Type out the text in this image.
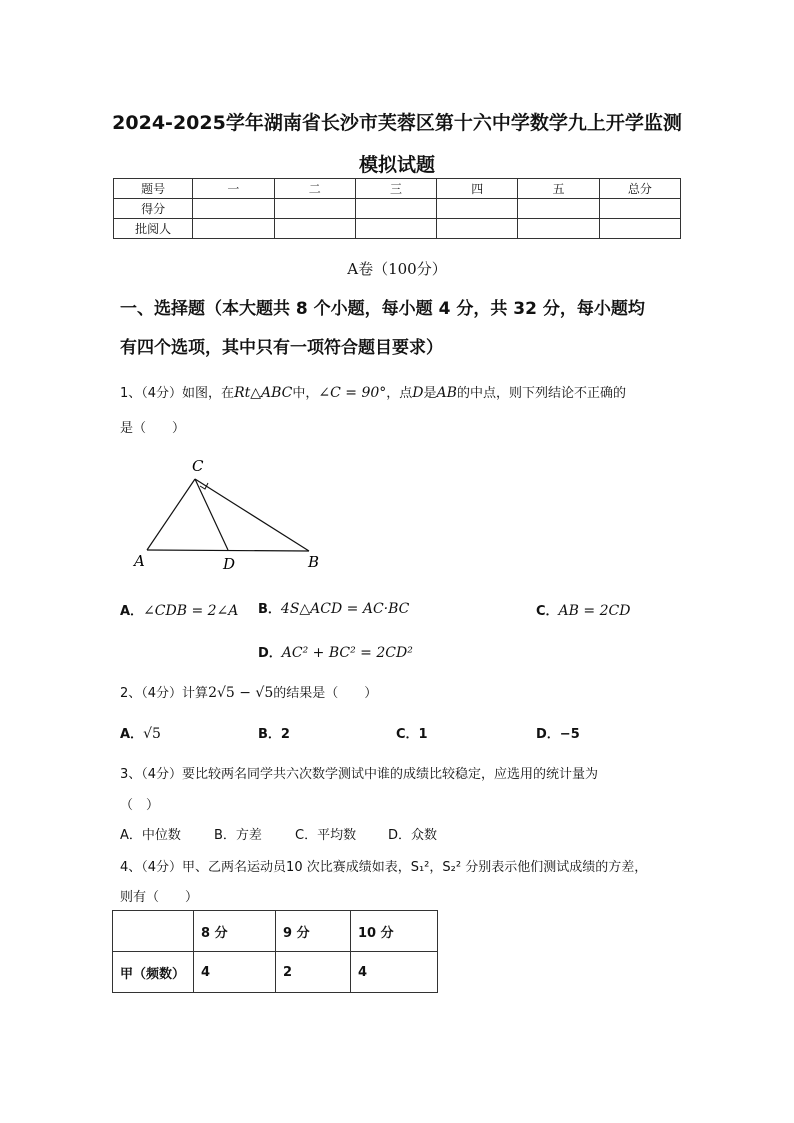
2024-2025学年湖南省长沙市芙蓉区第十六中学数学九上开学监测
模拟试题
题号	一	二	三	四	五	总分
得分						
批阅人						
A卷（100分）
一、选择题（本大题共 8 个小题，每小题 4 分，共 32 分，每小题均
有四个选项，其中只有一项符合题目要求）
1、（4分）如图，在Rt△ABC中，∠C = 90°，点D是AB的中点，则下列结论不正确的
是（　　）
C
A	D	B
A．∠CDB = 2∠A B．4S△ACD = AC·BC	C．AB = 2CD
D．AC² + BC² = 2CD²
2、（4分）计算2√5 − √5的结果是（　　）
A．√5	B．2	C．1	D．−5
3、（4分）要比较两名同学共六次数学测试中谁的成绩比较稳定，应选用的统计量为
（　）
A．中位数	B．方差	C．平均数 D．众数
4、（4分）甲、乙两名运动员10 次比赛成绩如表，S₁²，S₂² 分别表示他们测试成绩的方差，
则有（　　）
	8 分	9 分	10 分
甲（频数）	4	2	4
